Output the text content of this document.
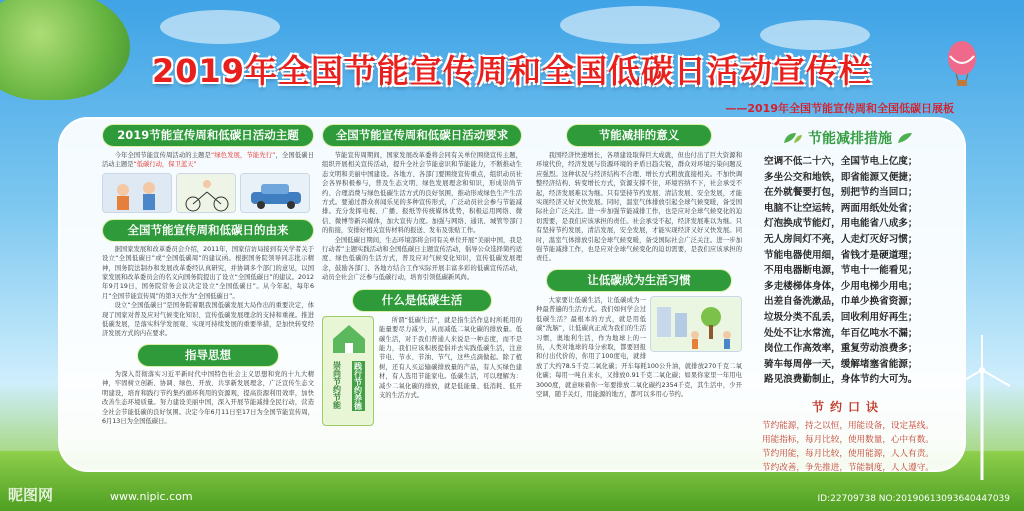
2019年全国节能宣传周和全国低碳日活动宣传栏
——2019年全国节能宣传周和全国低碳日展板
2019节能宣传周和低碳日活动主题
今年全国节能宣传周活动的主题是“绿色发展，节能先行”，全国低碳日活动主题是“低碳行动，保卫蓝天”
全国节能宣传周和低碳日的由来
据国家发展和改革委员会介绍，2011年，国家信访局接到有关学者关于设立“全国低碳日”或“全国低碳周”的建议函。根据国务院领导同志批示精神，国务院法制办和发展改革委经认真研究，并协调多个部门的意见，以国家发展和改革委员会的名义向国务院提出了设立“全国低碳日”的建议。2012年9月19日，国务院常务会议决定设立“全国低碳日”。从今年起，每年6月“全国节能宣传周”的第3天作为“全国低碳日”。
设立“全国低碳日”是国务院着眼我国低碳发展大局作出的重要决定，体现了国家对普及应对气候变化知识、宣传低碳发展理念的支持和重视。推进低碳发展，是落实科学发展观、实现可持续发展的重要举措，是加快转变经济发展方式的内在要求。
指导思想
为深入贯彻落实习近平新时代中国特色社会主义思想和党的十九大精神，牢固树立创新、协调、绿色、开放、共享新发展理念，广泛宣传生态文明建设，培育和践行节约集约循环利用的资源观，提高资源利用效率，加快改善生态环境质量。努力建设美丽中国，深入开展节能减排全民行动，营造全社会节能低碳的良好氛围。决定今年6月11日至17日为全国节能宣传周，6月13日为全国低碳日。
全国节能宣传周和低碳日活动要求
节能宣传周期间，国家发展改革委将会同有关单位围绕宣传主题，组织开展相关宣传活动，提升全社会节能意识和节能能力，不断推动生态文明和美丽中国建设。各地方、各部门要围绕宣传重点，组织动员社会各界积极参与，普及生态文明、绿色发展理念和知识，形成崇尚节约、合理消费与绿色低碳生活方式的良好氛围，推动形成绿色生产生活方式。要通过群众喜闻乐见的多种宣传形式，广泛动员社会参与节能减排。充分发挥电视、广播、报纸等传统媒体优势，积极运用网络、微信、微博等新兴媒体，加大宣传力度。加强与网络、通讯、城管等部门的衔接，安排好相关宣传材料的报送、发布及张贴工作。
全国低碳日期间，生态环境部将会同有关单位开展“美丽中国，我是行动者”主题实践活动和全国低碳日主题宣传活动，倡导公众选择简约适度、绿色低碳的生活方式，普及应对气候变化知识，宣传低碳发展理念，鼓励各部门、各地方结合工作实际开展丰富多彩的低碳宣传活动，动员全社会广泛参与低碳行动，培育引领低碳新风尚。
什么是低碳生活
崇尚节约节能 践行节约养德
所谓“低碳生活”，就是指生活作息时所耗用的能量要尽力减少，从而减低二氧化碳的排放量。低碳生活，对于我们普通人来说是一种态度，而不是能力，我们应该积极提倡并去实践低碳生活，注意节电、节水、节油、节气，这些点滴做起。除了植树，还有人买运输碳排放量的产品，有人买绿色建材，有人选用节能家电。低碳生活，可以理解为：减少二氧化碳的排放，就是低能量、低消耗、低开支的生活方式。
节能减排的意义
我国经济快速增长，各项建设取得巨大成就，但也付出了巨大资源和环境代价，经济发展与资源环境的矛盾日趋尖锐，群众对环境污染问题反应强烈。这种状况与经济结构不合理、增长方式粗放直接相关。不加快调整经济结构、转变增长方式，资源支撑不住，环境容纳不下，社会承受不起，经济发展难以为继。只有坚持节约发展、清洁发展、安全发展，才能实现经济又好又快发展。同时，温室气体排放引起全球气候变暖，备受国际社会广泛关注。进一步加强节能减排工作，也是应对全球气候变化的迫切需要，是我们应该承担的责任。社会承受不起，经济发展难以为继。只有坚持节约发展，清洁发展，安全发展，才能实现经济又好又快发展。同时，温室气体排放引起全球气候变暖，备受国际社会广泛关注。进一步加强节能减排工作，也是应对全球气候变化的迫切需要，是我们应该承担的责任。
让低碳成为生活习惯
大家要让低碳生活，让低碳成为一种最普遍的生活方式。我们如何学会过低碳生活？最根本的方式，就是用低碳“洗脑”，让低碳真正成为我们的生活习惯，奥地利生活，作为地球上的一员，人类对地球的母分索取，都要回报和付出代价的，你用了100度电，就排放了大约78.5千克二氧化碳；开车每耗100公升油，就排放270千克二氧化碳；每用一吨自来水，又排放0.91千克二氧化碳；如果你家里一年用电3000度，就意味着你一年要排放二氧化碳约2354千克，其生活中，少开空调，随手关灯，用能源的地方，都可以多用心节约。
节能减排措施
空调不低二十六，全国节电上亿度；
多坐公交和地铁，即省能源又便捷；
在外就餐要打包，别把节约当回口；
电脑不让空运转，两面用纸处处省；
灯泡换成节能灯，用电能省八成多；
无人房间灯不亮，人走灯灭好习惯；
节能电器使用细，省钱才是硬道理；
不用电器断电源，节电十一能看见；
多走楼梯体身体，少用电梯少用电；
出差自备洗漱品，巾单少换省资源；
垃圾分类不乱丢，回收利用好再生；
处处不让水常流，年百亿吨水不漏；
岗位工作高效率，重复劳动浪费多；
骑车每周停一天，缓解堵塞省能源；
路见浪费勤制止，身体节约大可为。
节约口诀
节约能源，持之以恒，用能设备，设定基线。
用能指标，每月比较，使用数量，心中有数。
节约用能，每月比较，使用能源，人人有责。
节约改善，争先推进，节能制度，人人遵守。
昵图网	www.nipic.com	ID:22709738 NO:20190613093640447039
